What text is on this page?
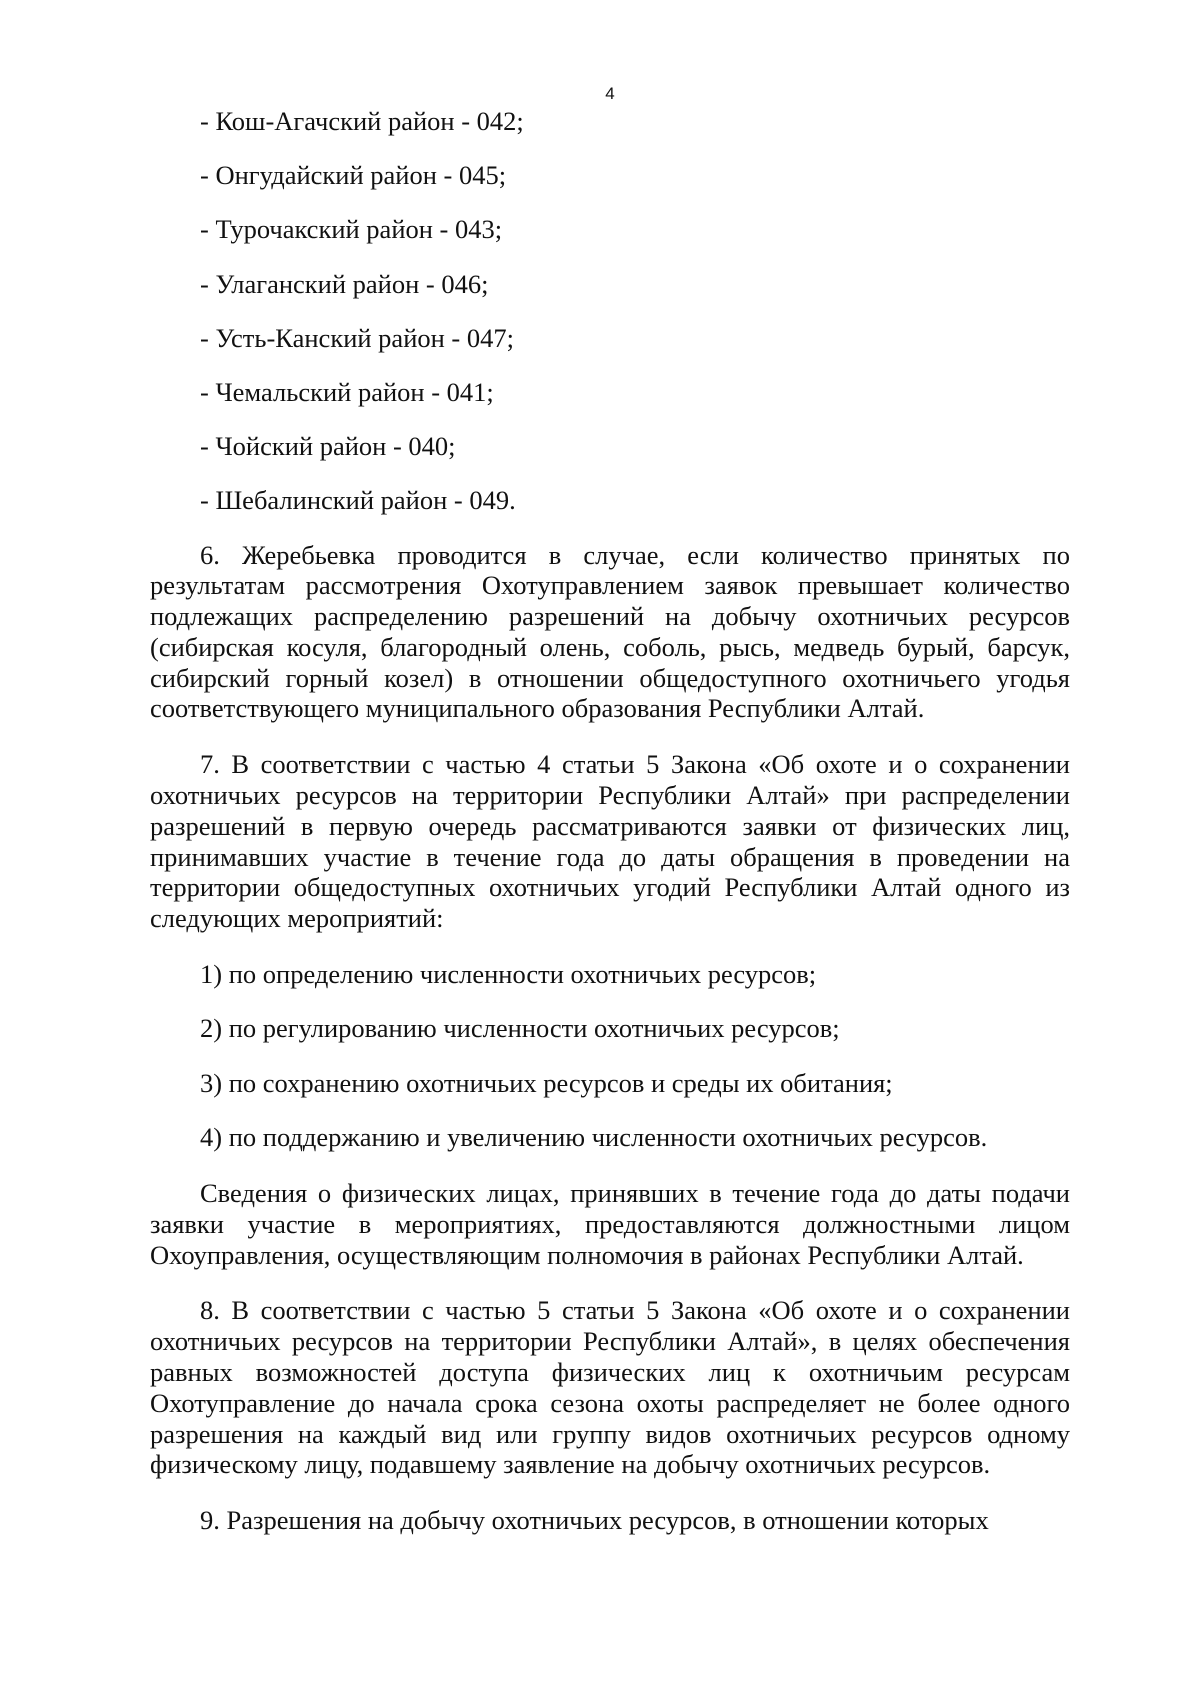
4
- Кош-Агачский район - 042;
- Онгудайский район - 045;
- Турочакский район - 043;
- Улаганский район - 046;
- Усть-Канский район - 047;
- Чемальский район - 041;
- Чойский район - 040;
- Шебалинский район - 049.

6. Жеребьевка проводится в случае, если количество принятых по результатам рассмотрения Охотуправлением заявок превышает количество подлежащих распределению разрешений на добычу охотничьих ресурсов (сибирская косуля, благородный олень, соболь, рысь, медведь бурый, барсук, сибирский горный козел) в отношении общедоступного охотничьего угодья соответствующего муниципального образования Республики Алтай.

7. В соответствии с частью 4 статьи 5 Закона «Об охоте и о сохранении охотничьих ресурсов на территории Республики Алтай» при распределении разрешений в первую очередь рассматриваются заявки от физических лиц, принимавших участие в течение года до даты обращения в проведении на территории общедоступных охотничьих угодий Республики Алтай одного из следующих мероприятий:

1) по определению численности охотничьих ресурсов;
2) по регулированию численности охотничьих ресурсов;
3) по сохранению охотничьих ресурсов и среды их обитания;
4) по поддержанию и увеличению численности охотничьих ресурсов.

Сведения о физических лицах, принявших в течение года до даты подачи заявки участие в мероприятиях, предоставляются должностными лицом Охоуправления, осуществляющим полномочия в районах Республики Алтай.

8. В соответствии с частью 5 статьи 5 Закона «Об охоте и о сохранении охотничьих ресурсов на территории Республики Алтай», в целях обеспечения равных возможностей доступа физических лиц к охотничьим ресурсам Охотуправление до начала срока сезона охоты распределяет не более одного разрешения на каждый вид или группу видов охотничьих ресурсов одному физическому лицу, подавшему заявление на добычу охотничьих ресурсов.

9. Разрешения на добычу охотничьих ресурсов, в отношении которых
